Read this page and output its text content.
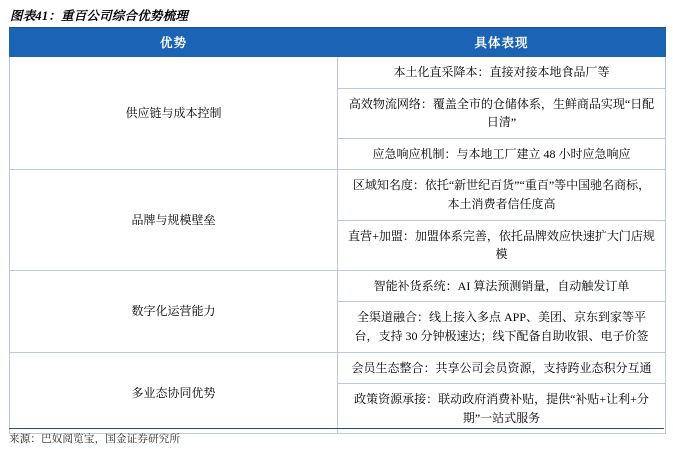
图表41：重百公司综合优势梳理
优势	具体表现
供应链与成本控制	本土化直采降本：直接对接本地食品厂等
	高效物流网络：覆盖全市的仓储体系，生鲜商品实现“日配日清”
	应急响应机制：与本地工厂建立 48 小时应急响应
品牌与规模壁垒	区域知名度：依托“新世纪百货”“重百”等中国驰名商标，本土消费者信任度高
	直营+加盟：加盟体系完善，依托品牌效应快速扩大门店规模
数字化运营能力	智能补货系统：AI 算法预测销量，自动触发订单
	全渠道融合：线上接入多点 APP、美团、京东到家等平台，支持 30 分钟极速达；线下配备自助收银、电子价签
多业态协同优势	会员生态整合：共享公司会员资源，支持跨业态积分互通
	政策资源承接：联动政府消费补贴，提供“补贴+让利+分期”一站式服务
来源：巴奴阅览宝，国金证券研究所
